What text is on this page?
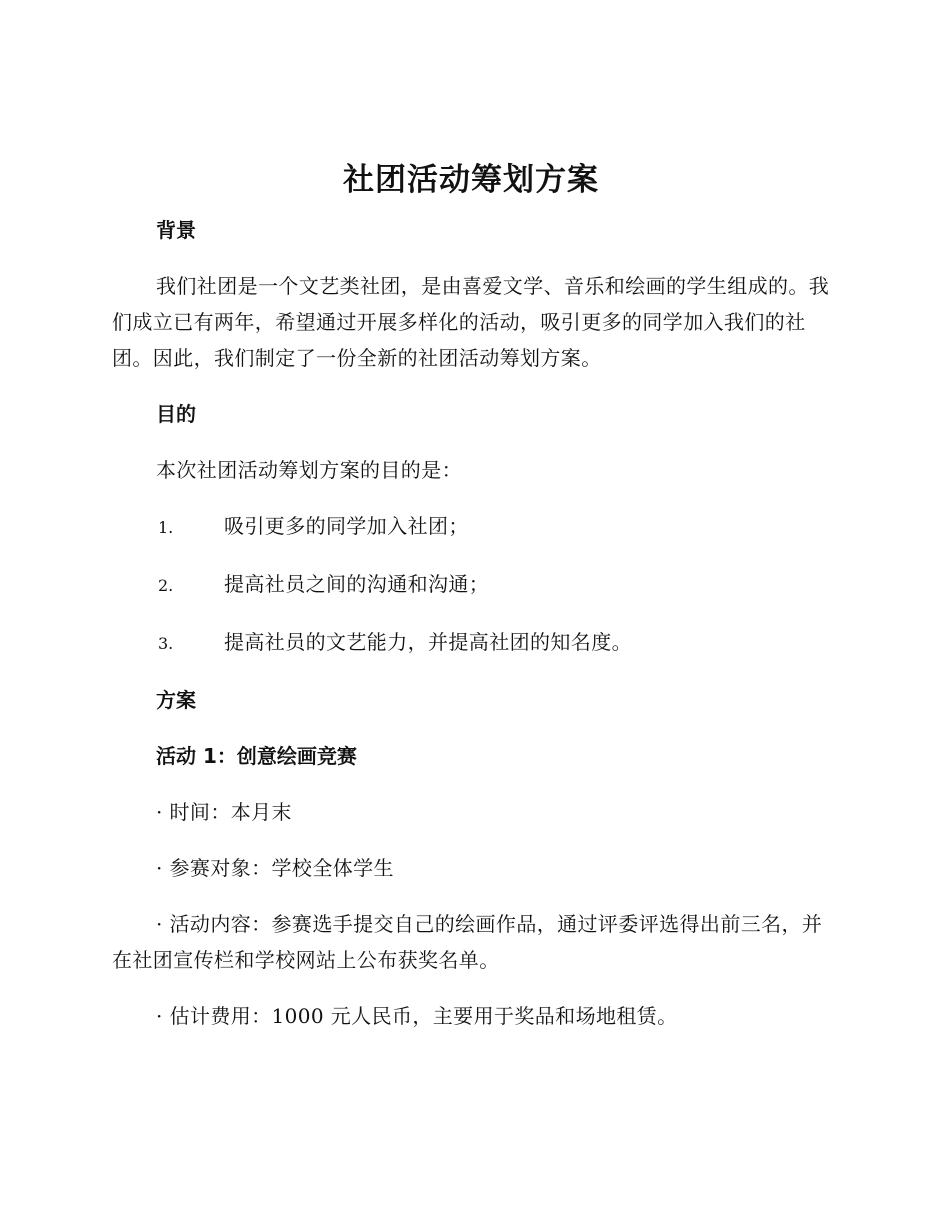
社团活动筹划方案
背景

我们社团是一个文艺类社团，是由喜爱文学、音乐和绘画的学生组成的。我们成立已有两年，希望通过开展多样化的活动，吸引更多的同学加入我们的社团。因此，我们制定了一份全新的社团活动筹划方案。

目的

本次社团活动筹划方案的目的是：

1.	吸引更多的同学加入社团；
2.	提高社员之间的沟通和沟通；
3.	提高社员的文艺能力，并提高社团的知名度。
方案
活动 1：创意绘画竞赛

· 时间：本月末

· 参赛对象：学校全体学生

· 活动内容：参赛选手提交自己的绘画作品，通过评委评选得出前三名，并在社团宣传栏和学校网站上公布获奖名单。

· 估计费用：1000 元人民币，主要用于奖品和场地租赁。
